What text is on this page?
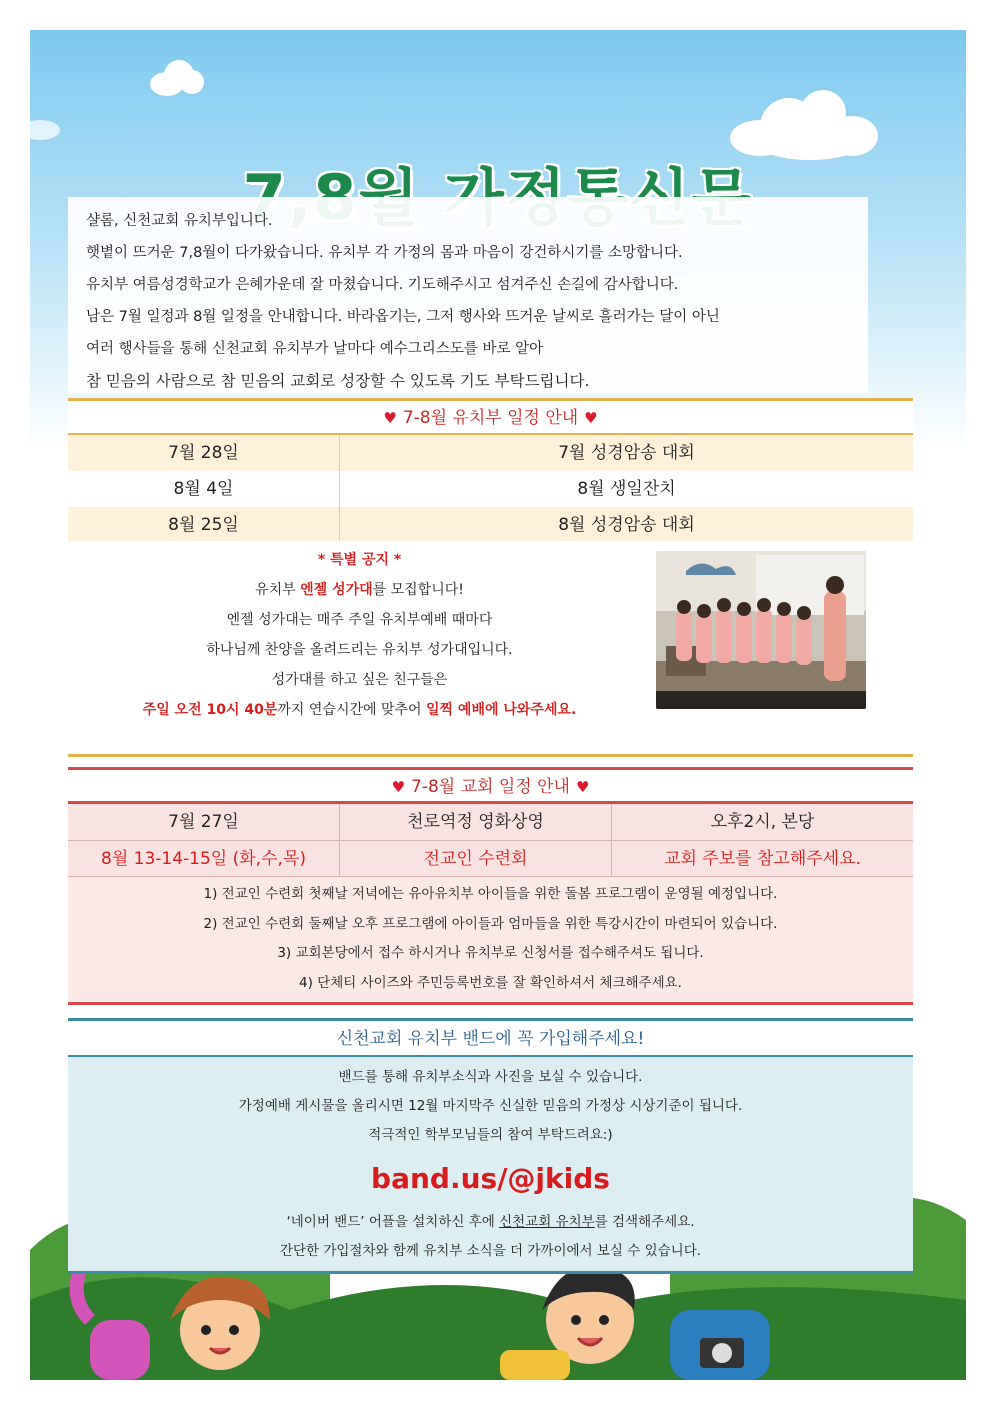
샬롬, 신천교회 유치부입니다.

햇볕이 뜨거운 7,8월이 다가왔습니다. 유치부 각 가정의 몸과 마음이 강건하시기를 소망합니다.

유치부 여름성경학교가 은혜가운데 잘 마쳤습니다. 기도해주시고 섬겨주신 손길에 감사합니다.

남은 7월 일정과 8월 일정을 안내합니다. 바라옵기는, 그저 행사와 뜨거운 날씨로 흘러가는 달이 아닌

여러 행사들을 통해 신천교회 유치부가 날마다 예수그리스도를 바로 알아

참 믿음의 사람으로 참 믿음의 교회로 성장할 수 있도록 기도 부탁드립니다.

♥ 7-8월 유치부 일정 안내 ♥
7월 28일	7월 성경암송 대회
8월 4일	8월 생일잔치
8월 25일	8월 성경암송 대회

* 특별 공지 *

유치부 엔젤 성가대를 모집합니다!

엔젤 성가대는 매주 주일 유치부예배 때마다

하나님께 찬양을 올려드리는 유치부 성가대입니다.

성가대를 하고 싶은 친구들은

주일 오전 10시 40분까지 연습시간에 맞추어 일찍 예배에 나와주세요.

♥ 7-8월 교회 일정 안내 ♥
7월 27일	천로역정 영화상영	오후2시, 본당
8월 13-14-15일 (화,수,목)	전교인 수련회	교회 주보를 참고해주세요.

1) 전교인 수련회 첫째날 저녁에는 유아유치부 아이들을 위한 돌봄 프로그램이 운영될 예정입니다.

2) 전교인 수련회 둘째날 오후 프로그램에 아이들과 엄마들을 위한 특강시간이 마련되어 있습니다.

3) 교회본당에서 접수 하시거나 유치부로 신청서를 접수해주셔도 됩니다.

4) 단체티 사이즈와 주민등록번호를 잘 확인하셔서 체크해주세요.

신천교회 유치부 밴드에 꼭 가입해주세요!

밴드를 통해 유치부소식과 사진을 보실 수 있습니다.

가정예배 게시물을 올리시면 12월 마지막주 신실한 믿음의 가정상 시상기준이 됩니다.

적극적인 학부모님들의 참여 부탁드려요:)

band.us/@jkids

‘네이버 밴드’ 어플을 설치하신 후에 신천교회 유치부를 검색해주세요.

간단한 가입절차와 함께 유치부 소식을 더 가까이에서 보실 수 있습니다.
